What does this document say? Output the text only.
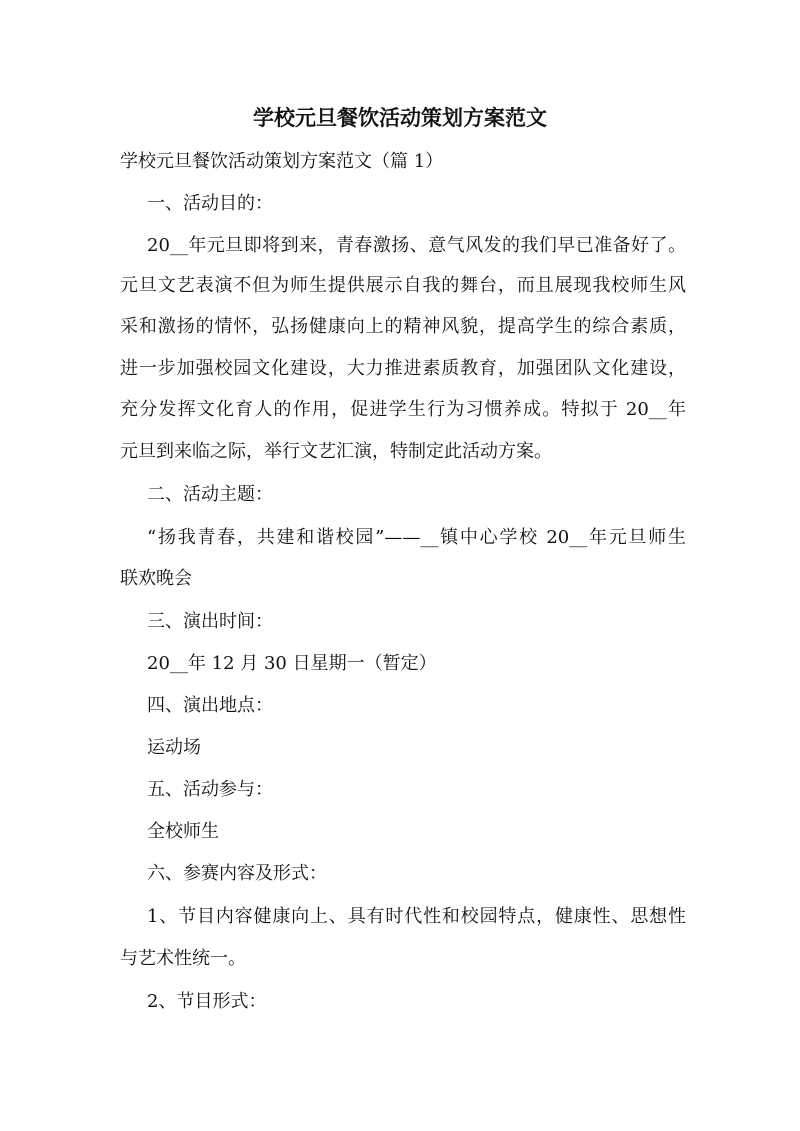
学校元旦餐饮活动策划方案范文
学校元旦餐饮活动策划方案范文（篇 1）
一、活动目的：
20__年元旦即将到来，青春激扬、意气风发的我们早已准备好了。
元旦文艺表演不但为师生提供展示自我的舞台，而且展现我校师生风
采和激扬的情怀，弘扬健康向上的精神风貌，提高学生的综合素质，
进一步加强校园文化建设，大力推进素质教育，加强团队文化建设，
充分发挥文化育人的作用，促进学生行为习惯养成。特拟于 20__年
元旦到来临之际，举行文艺汇演，特制定此活动方案。
二、活动主题：
“扬我青春，共建和谐校园”——__镇中心学校 20__年元旦师生
联欢晚会
三、演出时间：
20__年 12 月 30 日星期一（暂定）
四、演出地点：
运动场
五、活动参与：
全校师生
六、参赛内容及形式：
1、节目内容健康向上、具有时代性和校园特点，健康性、思想性
与艺术性统一。
2、节目形式：
